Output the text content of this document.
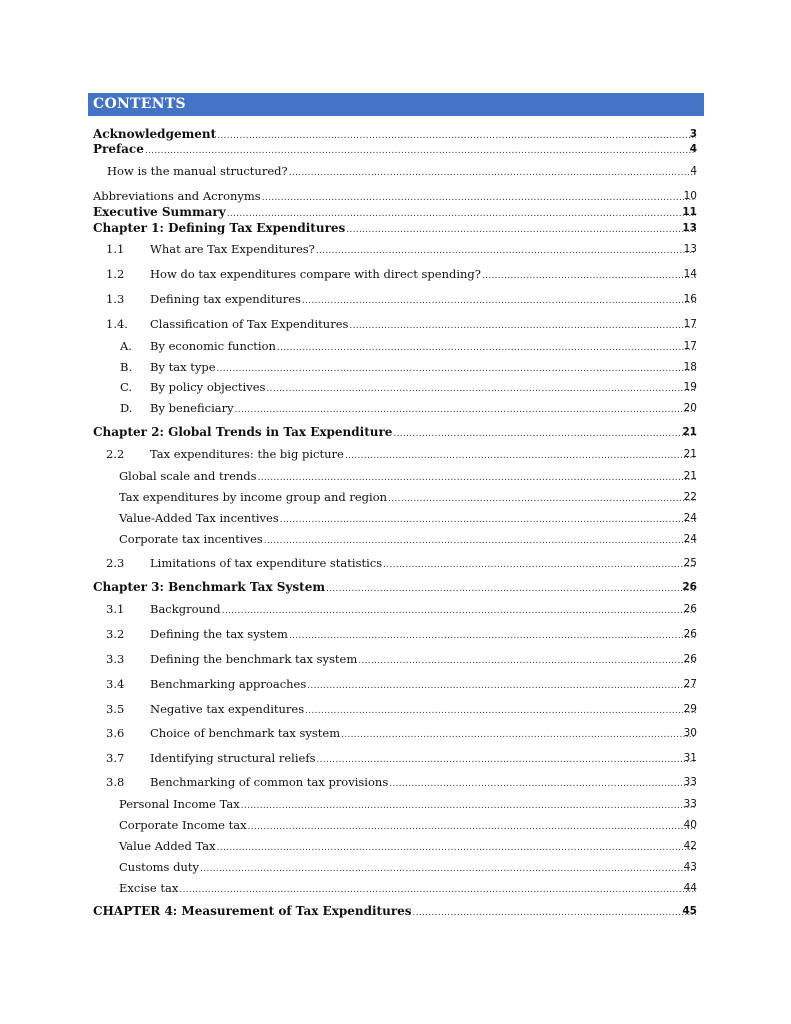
CONTENTS
Acknowledgement .....	3
Preface .....	4
How is the manual structured? .....	4
Abbreviations and Acronyms .....	10
Executive Summary .....	11
Chapter 1: Defining Tax Expenditures .....	13
1.1 What are Tax Expenditures? .....	13
1.2 How do tax expenditures compare with direct spending? .....	14
1.3 Defining tax expenditures .....	16
1.4. Classification of Tax Expenditures .....	17
A. By economic function .....	17
B. By tax type .....	18
C. By policy objectives .....	19
D. By beneficiary .....	20
Chapter 2: Global Trends in Tax Expenditure .....	21
2.2 Tax expenditures: the big picture .....	21
Global scale and trends .....	21
Tax expenditures by income group and region .....	22
Value-Added Tax incentives .....	24
Corporate tax incentives .....	24
2.3 Limitations of tax expenditure statistics .....	25
Chapter 3: Benchmark Tax System .....	26
3.1 Background .....	26
3.2 Defining the tax system .....	26
3.3 Defining the benchmark tax system .....	26
3.4 Benchmarking approaches .....	27
3.5 Negative tax expenditures .....	29
3.6 Choice of benchmark tax system .....	30
3.7 Identifying structural reliefs .....	31
3.8 Benchmarking of common tax provisions .....	33
Personal Income Tax .....	33
Corporate Income tax .....	40
Value Added Tax .....	42
Customs duty .....	43
Excise tax .....	44
CHAPTER 4: Measurement of Tax Expenditures .....	45
